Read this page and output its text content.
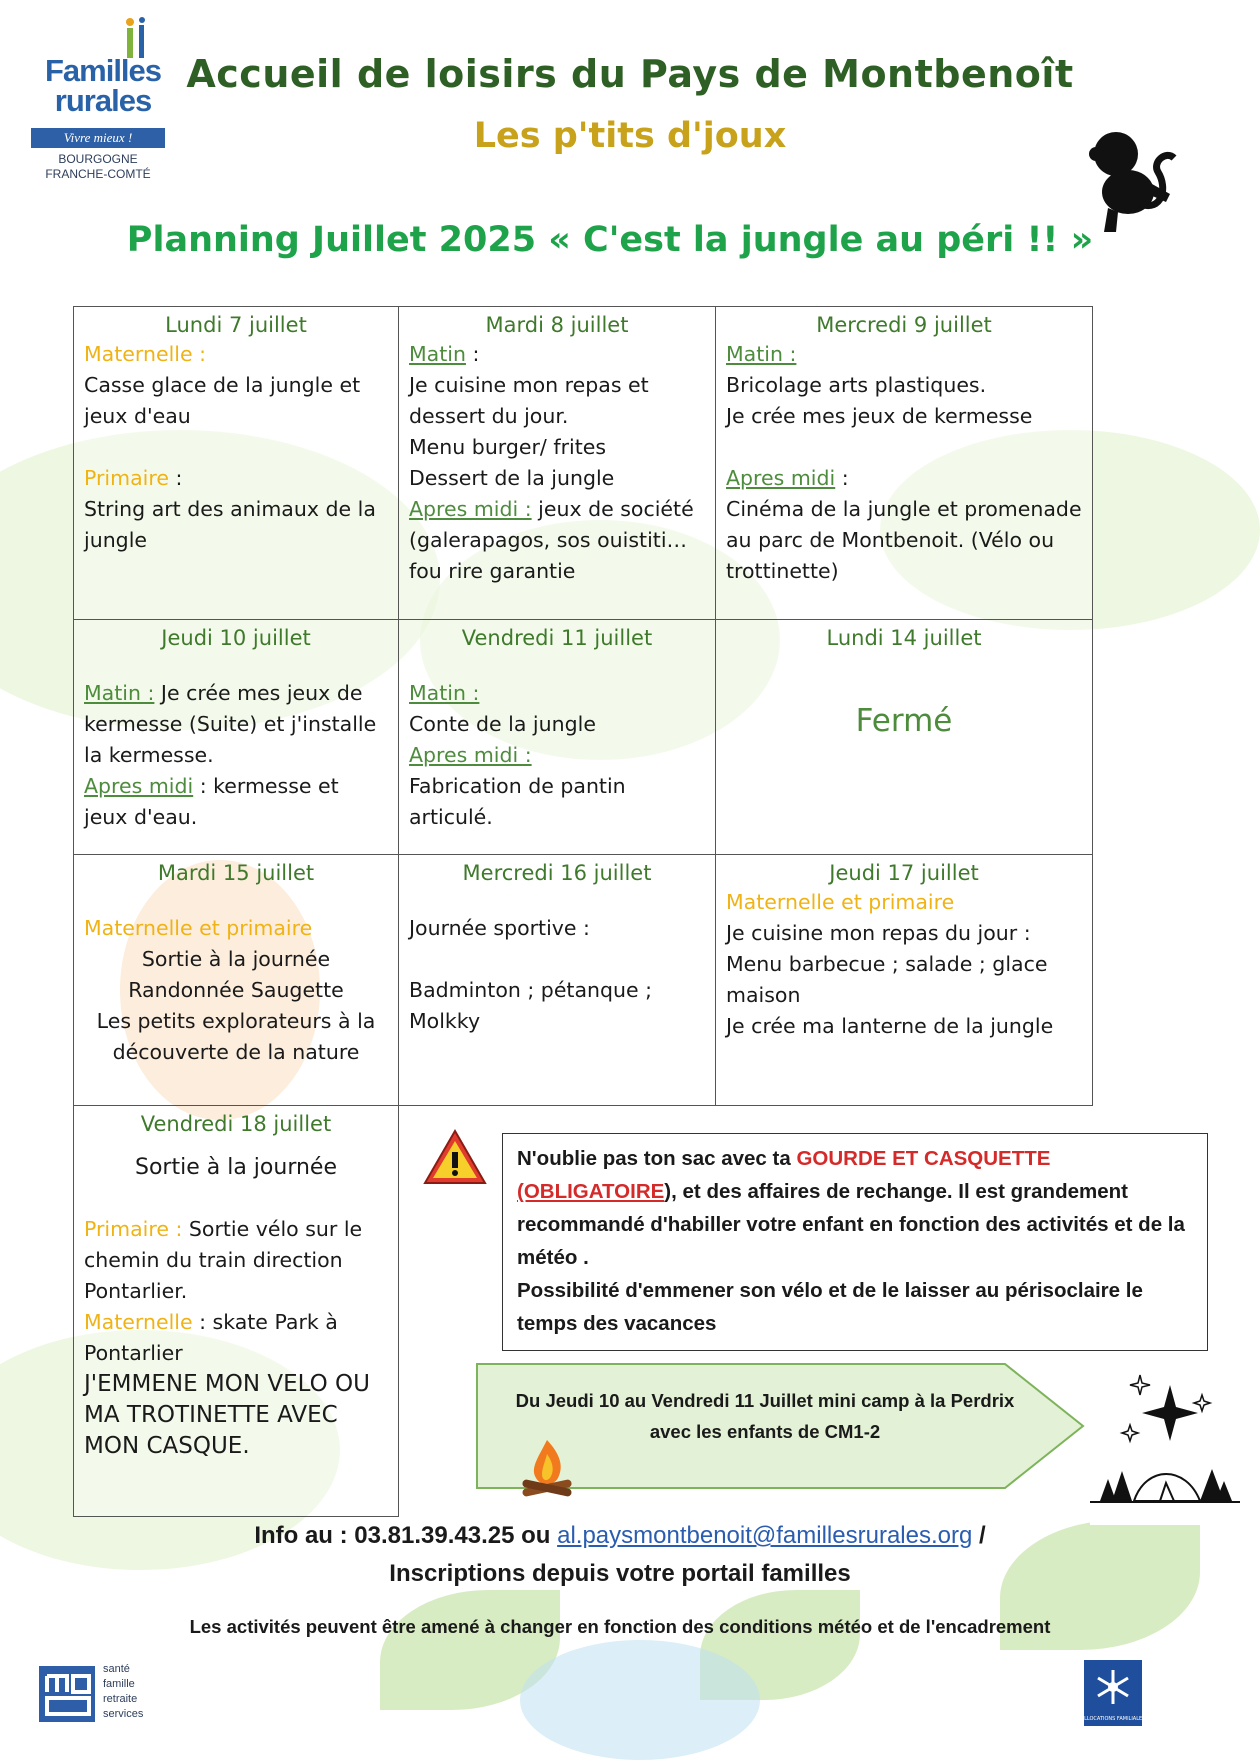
Familles
rurales
Vivre mieux !
BOURGOGNE
FRANCHE-COMTÉ
Accueil de loisirs du Pays de Montbenoît
Les p'tits d'joux
Planning Juillet 2025 « C'est la jungle au péri !! »
Lundi 7 juillet
Maternelle :
Casse glace de la jungle et jeux d'eau
Primaire :
String art des animaux de la jungle
Mardi 8 juillet
Matin :
Je cuisine mon repas et dessert du jour.
Menu burger/ frites
Dessert de la jungle
Apres midi : jeux de société (galerapagos, sos ouistiti… fou rire garantie
Mercredi 9 juillet
Matin :
Bricolage arts plastiques.
Je crée mes jeux de kermesse
Apres midi :
Cinéma de la jungle et promenade au parc de Montbenoit. (Vélo ou trottinette)
Jeudi 10 juillet
Matin : Je crée mes jeux de kermesse (Suite) et j'installe la kermesse.
Apres midi : kermesse et jeux d'eau.
Vendredi 11 juillet
Matin :
Conte de la jungle
Apres midi :
Fabrication de pantin articulé.
Lundi 14 juillet
Fermé
Mardi 15 juillet
Maternelle et primaire
Sortie à la journée
Randonnée Saugette
Les petits explorateurs à la découverte de la nature
Mercredi 16 juillet
Journée sportive :
Badminton ; pétanque ; Molkky
Jeudi 17 juillet
Maternelle et primaire
Je cuisine mon repas du jour :
Menu barbecue ; salade ; glace maison
Je crée ma lanterne de la jungle
Vendredi 18 juillet
Sortie à la journée
Primaire : Sortie vélo sur le chemin du train direction Pontarlier.
Maternelle : skate Park à Pontarlier
J'EMMENE MON VELO OU MA TROTINETTE AVEC MON CASQUE.
N'oublie pas ton sac avec ta GOURDE ET CASQUETTE (OBLIGATOIRE), et des affaires de rechange. Il est grandement recommandé d'habiller votre enfant en fonction des activités et de la météo .
Possibilité d'emmener son vélo et de le laisser au périsoclaire le temps des vacances
Du Jeudi 10 au Vendredi 11 Juillet mini camp à la Perdrix
avec les enfants de CM1-2
Info au : 03.81.39.43.25 ou al.paysmontbenoit@famillesrurales.org /
Inscriptions depuis votre portail familles
Les activités peuvent être amené à changer en fonction des conditions météo et de l'encadrement
santé
famille
retraite
services	ALLOCATIONS FAMILIALES
